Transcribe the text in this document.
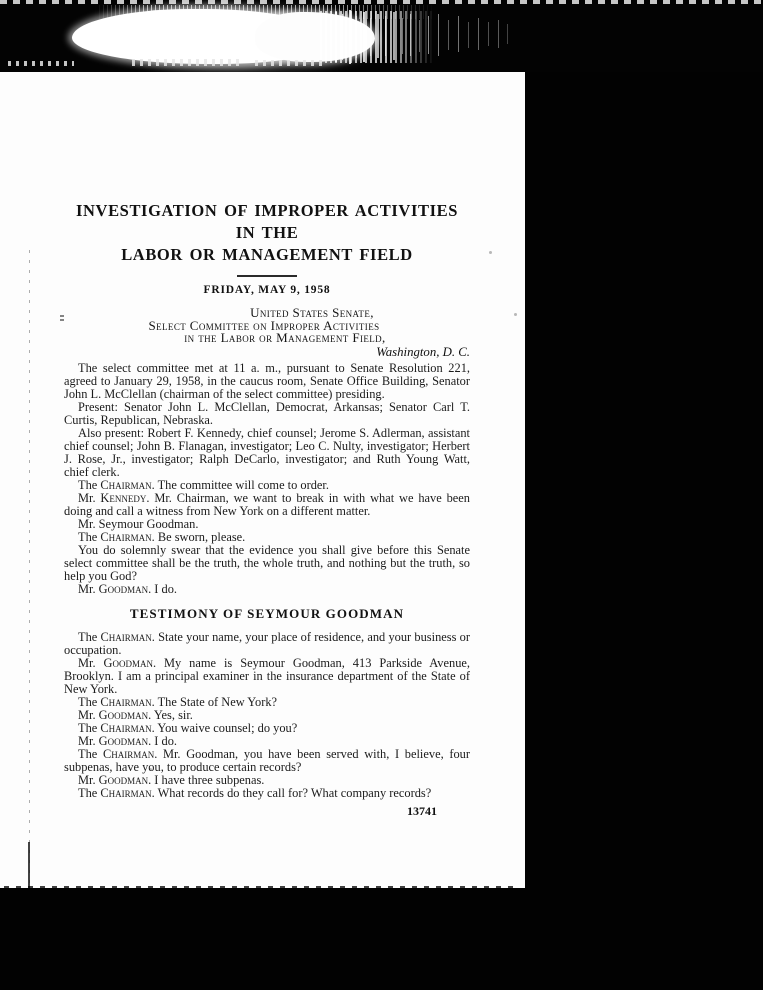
INVESTIGATION OF IMPROPER ACTIVITIES IN THE
LABOR OR MANAGEMENT FIELD
FRIDAY, MAY 9, 1958
United States Senate,
Select Committee on Improper Activities
in the Labor or Management Field,
Washington, D. C.

The select committee met at 11 a. m., pursuant to Senate Resolution 221, agreed to January 29, 1958, in the caucus room, Senate Office Building, Senator John L. McClellan (chairman of the select committee) presiding.

Present: Senator John L. McClellan, Democrat, Arkansas; Senator Carl T. Curtis, Republican, Nebraska.

Also present: Robert F. Kennedy, chief counsel; Jerome S. Adlerman, assistant chief counsel; John B. Flanagan, investigator; Leo C. Nulty, investigator; Herbert J. Rose, Jr., investigator; Ralph DeCarlo, investigator; and Ruth Young Watt, chief clerk.

The Chairman. The committee will come to order.

Mr. Kennedy. Mr. Chairman, we want to break in with what we have been doing and call a witness from New York on a different matter.

Mr. Seymour Goodman.

The Chairman. Be sworn, please.

You do solemnly swear that the evidence you shall give before this Senate select committee shall be the truth, the whole truth, and nothing but the truth, so help you God?

Mr. Goodman. I do.

TESTIMONY OF SEYMOUR GOODMAN

The Chairman. State your name, your place of residence, and your business or occupation.

Mr. Goodman. My name is Seymour Goodman, 413 Parkside Avenue, Brooklyn. I am a principal examiner in the insurance department of the State of New York.

The Chairman. The State of New York?

Mr. Goodman. Yes, sir.

The Chairman. You waive counsel; do you?

Mr. Goodman. I do.

The Chairman. Mr. Goodman, you have been served with, I believe, four subpenas, have you, to produce certain records?

Mr. Goodman. I have three subpenas.

The Chairman. What records do they call for? What company records?

13741
